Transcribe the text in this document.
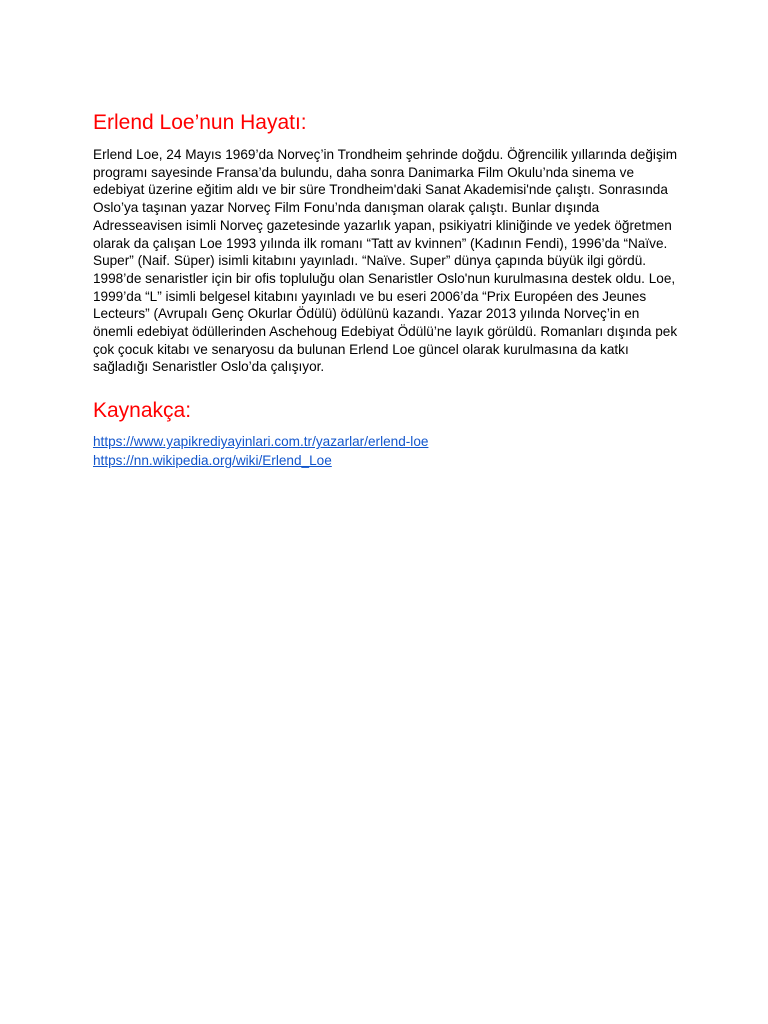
Erlend Loe’nun Hayatı:

Erlend Loe, 24 Mayıs 1969’da Norveç’in Trondheim şehrinde doğdu. Öğrencilik yıllarında değişim programı sayesinde Fransa’da bulundu, daha sonra Danimarka Film Okulu’nda sinema ve edebiyat üzerine eğitim aldı ve bir süre Trondheim'daki Sanat Akademisi'nde çalıştı. Sonrasında Oslo’ya taşınan yazar Norveç Film Fonu’nda danışman olarak çalıştı. Bunlar dışında Adresseavisen isimli Norveç gazetesinde yazarlık yapan, psikiyatri kliniğinde ve yedek öğretmen olarak da çalışan Loe 1993 yılında ilk romanı “Tatt av kvinnen” (Kadının Fendi), 1996’da “Naïve. Super” (Naif. Süper) isimli kitabını yayınladı. “Naïve. Super” dünya çapında büyük ilgi gördü. 1998’de senaristler için bir ofis topluluğu olan Senaristler Oslo'nun kurulmasına destek oldu. Loe, 1999’da “L” isimli belgesel kitabını yayınladı ve bu eseri 2006’da “Prix Européen des Jeunes Lecteurs” (Avrupalı Genç Okurlar Ödülü) ödülünü kazandı. Yazar 2013 yılında Norveç’in en önemli edebiyat ödüllerinden Aschehoug Edebiyat Ödülü’ne layık görüldü. Romanları dışında pek çok çocuk kitabı ve senaryosu da bulunan Erlend Loe güncel olarak kurulmasına da katkı sağladığı Senaristler Oslo’da çalışıyor.

Kaynakça:
https://www.yapikrediyayinlari.com.tr/yazarlar/erlend-loe
https://nn.wikipedia.org/wiki/Erlend_Loe
